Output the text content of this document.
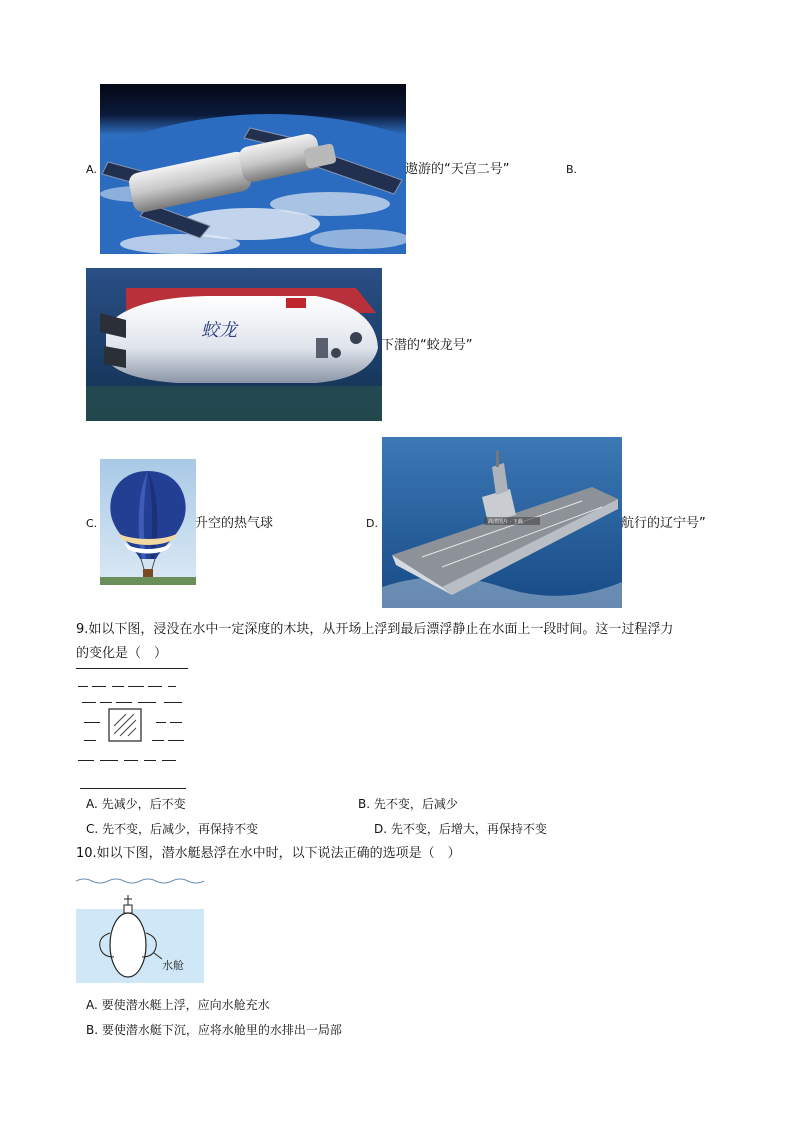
A.	遨游的“天宫二号”	B.
蛟龙
下潜的“蛟龙号”
C.	升空的热气球	D.	高清图片 · 下载	航行的辽宁号”
9.如以下图，浸没在水中一定深度的木块，从开场上浮到最后漂浮静止在水面上一段时间。这一过程浮力
的变化是（　）
A. 先减少，后不变	B. 先不变，后减少
C. 先不变，后减少，再保持不变	D. 先不变，后增大，再保持不变
10.如以下图，潜水艇悬浮在水中时，以下说法正确的选项是（　）
水舱
A. 要使潜水艇上浮，应向水舱充水
B. 要使潜水艇下沉，应将水舱里的水排出一局部
